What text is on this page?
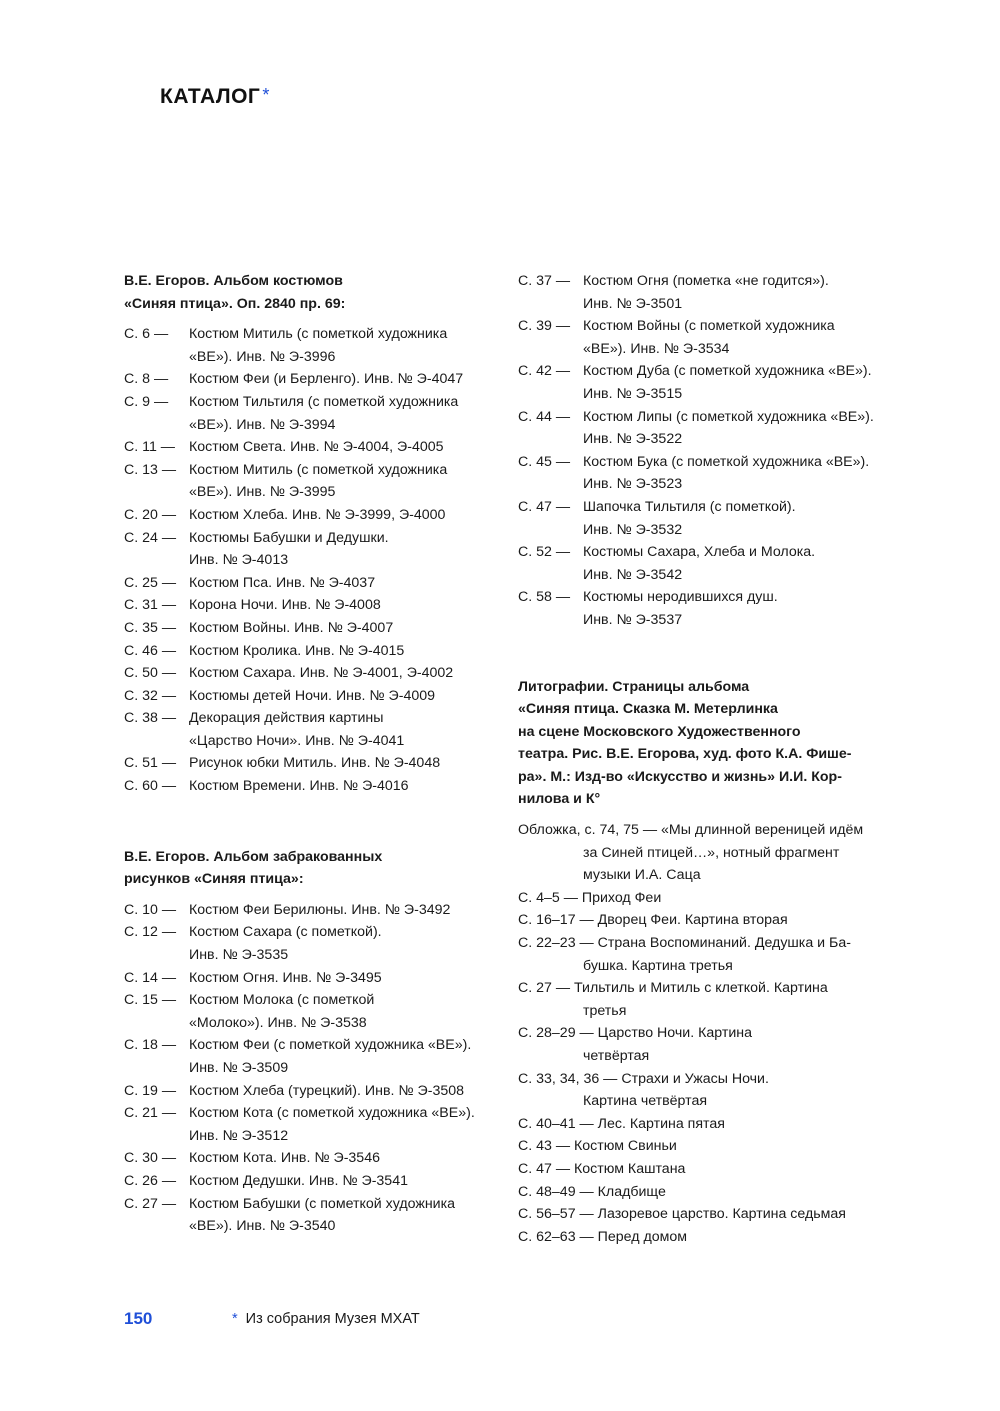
КАТАЛОГ *
В.Е. Егоров. Альбом костюмов
«Синяя птица». Оп. 2840 пр. 69:
С. 6 —	Костюм Митиль (с пометкой художника
«ВЕ»). Инв. № Э-3996
С. 8 —	Костюм Феи (и Берленго). Инв. № Э-4047
С. 9 —	Костюм Тильтиля (с пометкой художника
«ВЕ»). Инв. № Э-3994
С. 11 — Костюм Света. Инв. № Э-4004, Э-4005
С. 13 — Костюм Митиль (с пометкой художника
«ВЕ»). Инв. № Э-3995
С. 20 — Костюм Хлеба. Инв. № Э-3999, Э-4000
С. 24 — Костюмы Бабушки и Дедушки.
Инв. № Э-4013
С. 25 — Костюм Пса. Инв. № Э-4037
С. 31 — Корона Ночи. Инв. № Э-4008
С. 35 — Костюм Войны. Инв. № Э-4007
С. 46 — Костюм Кролика. Инв. № Э-4015
С. 50 — Костюм Сахара. Инв. № Э-4001, Э-4002
С. 32 — Костюмы детей Ночи. Инв. № Э-4009
С. 38 — Декорация действия картины
«Царство Ночи». Инв. № Э-4041
С. 51 — Рисунок юбки Митиль. Инв. № Э-4048
С. 60 — Костюм Времени. Инв. № Э-4016
В.Е. Егоров. Альбом забракованных
рисунков «Синяя птица»:
С. 10 — Костюм Феи Берилюны. Инв. № Э-3492
С. 12 — Костюм Сахара (с пометкой).
Инв. № Э-3535
С. 14 — Костюм Огня. Инв. № Э-3495
С. 15 — Костюм Молока (с пометкой
«Молоко»). Инв. № Э-3538
С. 18 — Костюм Феи (с пометкой художника «ВЕ»).
Инв. № Э-3509
С. 19 — Костюм Хлеба (турецкий). Инв. № Э-3508
С. 21 — Костюм Кота (с пометкой художника «ВЕ»).
Инв. № Э-3512
С. 30 — Костюм Кота. Инв. № Э-3546
С. 26 — Костюм Дедушки. Инв. № Э-3541
С. 27 — Костюм Бабушки (с пометкой художника
«ВЕ»). Инв. № Э-3540
С. 37 — Костюм Огня (пометка «не годится»).
Инв. № Э-3501
С. 39 — Костюм Войны (с пометкой художника
«ВЕ»). Инв. № Э-3534
С. 42 — Костюм Дуба (с пометкой художника «ВЕ»).
Инв. № Э-3515
С. 44 — Костюм Липы (с пометкой художника «ВЕ»).
Инв. № Э-3522
С. 45 — Костюм Бука (с пометкой художника «ВЕ»).
Инв. № Э-3523
С. 47 — Шапочка Тильтиля (с пометкой).
Инв. № Э-3532
С. 52 — Костюмы Сахара, Хлеба и Молока.
Инв. № Э-3542
С. 58 — Костюмы неродившихся душ.
Инв. № Э-3537
Литографии. Страницы альбома
«Синяя птица. Сказка М. Метерлинка
на сцене Московского Художественного
театра. Рис. В.Е. Егорова, худ. фото К.А. Фише-
ра». М.: Изд-во «Искусство и жизнь» И.И. Кор-
нилова и К°
Обложка, с. 74, 75 — «Мы длинной вереницей идём
за Синей птицей…», нотный фрагмент
музыки И.А. Саца
С. 4–5 — Приход Феи
С. 16–17 — Дворец Феи. Картина вторая
С. 22–23 — Страна Воспоминаний. Дедушка и Ба-
бушка. Картина третья
С. 27 — Тильтиль и Митиль с клеткой. Картина
третья
С. 28–29 — Царство Ночи. Картина
четвёртая
С. 33, 34, 36 — Страхи и Ужасы Ночи.
Картина четвёртая
С. 40–41 — Лес. Картина пятая
С. 43 — Костюм Свиньи
С. 47 — Костюм Каштана
С. 48–49 — Кладбище
С. 56–57 — Лазоревое царство. Картина седьмая
С. 62–63 — Перед домом
150	* Из собрания Музея МХАТ
